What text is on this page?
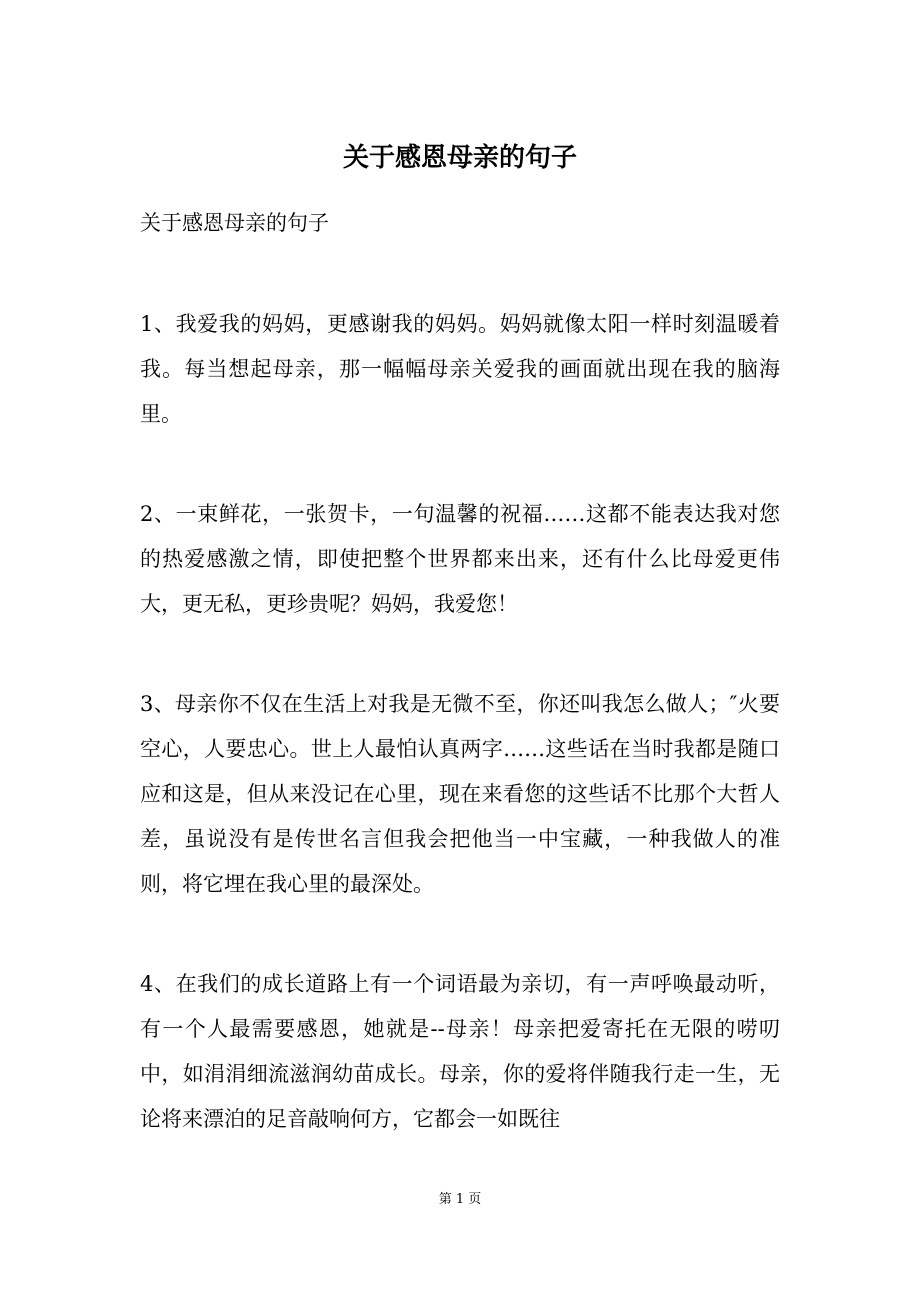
关于感恩母亲的句子
关于感恩母亲的句子
1、我爱我的妈妈，更感谢我的妈妈。妈妈就像太阳一样时刻温暖着我。每当想起母亲，那一幅幅母亲关爱我的画面就出现在我的脑海里。
2、一束鲜花，一张贺卡，一句温馨的祝福……这都不能表达我对您的热爱感激之情，即使把整个世界都来出来，还有什么比母爱更伟大，更无私，更珍贵呢？妈妈，我爱您！
3、母亲你不仅在生活上对我是无微不至，你还叫我怎么做人；″火要空心，人要忠心。世上人最怕认真两字……这些话在当时我都是随口应和这是，但从来没记在心里，现在来看您的这些话不比那个大哲人差，虽说没有是传世名言但我会把他当一中宝藏，一种我做人的准则，将它埋在我心里的最深处。
4、在我们的成长道路上有一个词语最为亲切，有一声呼唤最动听，有一个人最需要感恩，她就是--母亲！母亲把爱寄托在无限的唠叨中，如涓涓细流滋润幼苗成长。母亲，你的爱将伴随我行走一生，无论将来漂泊的足音敲响何方，它都会一如既往
第 1 页
